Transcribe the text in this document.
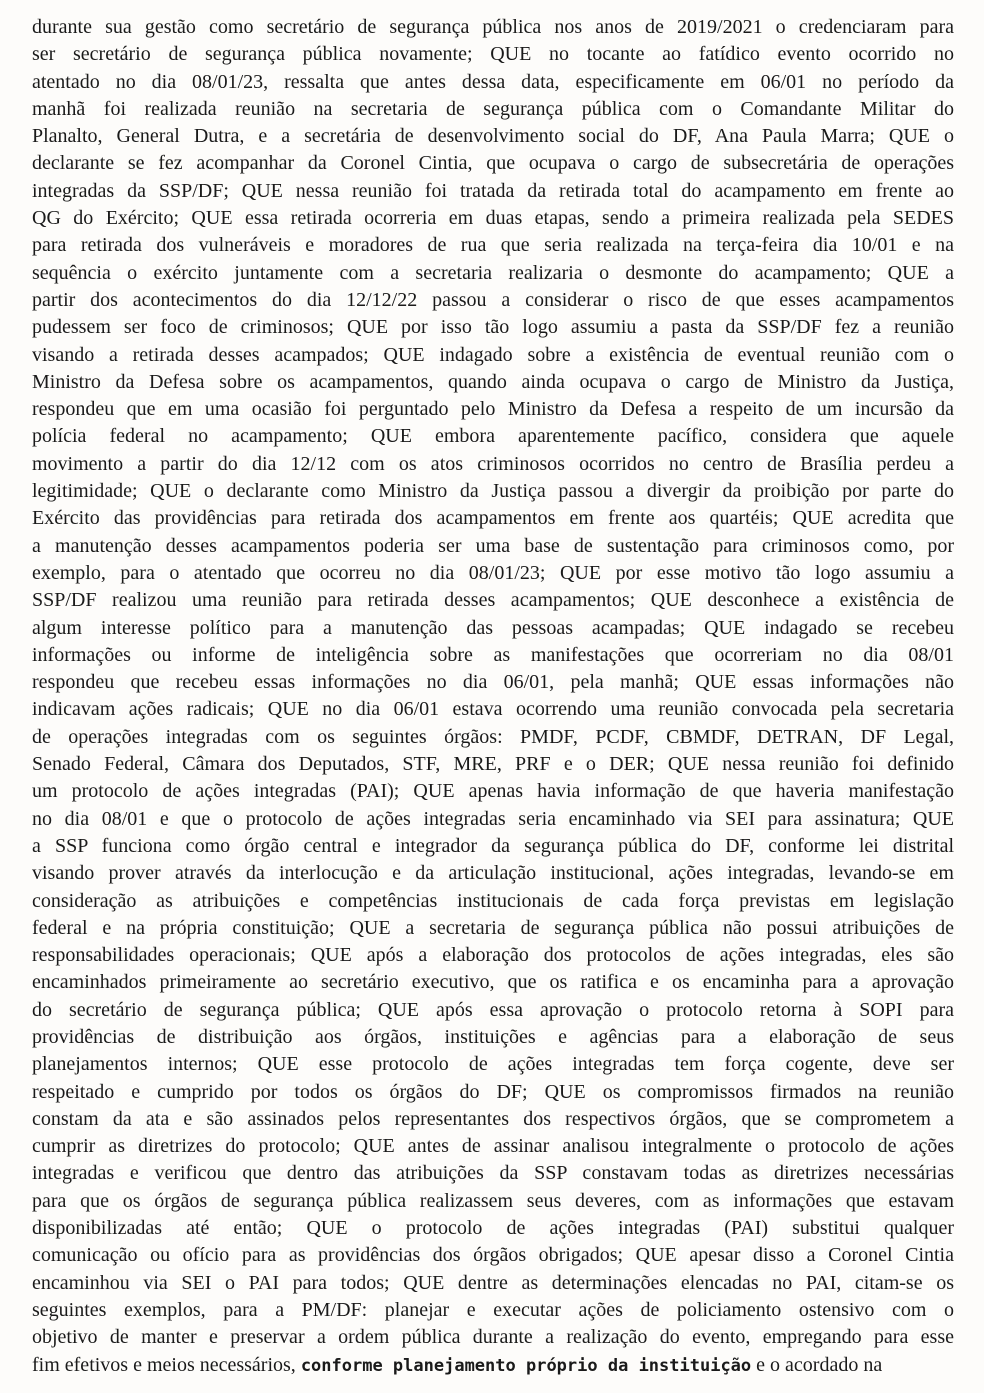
durante sua gestão como secretário de segurança pública nos anos de 2019/2021 o credenciaram para
ser secretário de segurança pública novamente; QUE no tocante ao fatídico evento ocorrido no
atentado no dia 08/01/23, ressalta que antes dessa data, especificamente em 06/01 no período da
manhã foi realizada reunião na secretaria de segurança pública com o Comandante Militar do
Planalto, General Dutra, e a secretária de desenvolvimento social do DF, Ana Paula Marra; QUE o
declarante se fez acompanhar da Coronel Cintia, que ocupava o cargo de subsecretária de operações
integradas da SSP/DF; QUE nessa reunião foi tratada da retirada total do acampamento em frente ao
QG do Exército; QUE essa retirada ocorreria em duas etapas, sendo a primeira realizada pela SEDES
para retirada dos vulneráveis e moradores de rua que seria realizada na terça-feira dia 10/01 e na
sequência o exército juntamente com a secretaria realizaria o desmonte do acampamento; QUE a
partir dos acontecimentos do dia 12/12/22 passou a considerar o risco de que esses acampamentos
pudessem ser foco de criminosos; QUE por isso tão logo assumiu a pasta da SSP/DF fez a reunião
visando a retirada desses acampados; QUE indagado sobre a existência de eventual reunião com o
Ministro da Defesa sobre os acampamentos, quando ainda ocupava o cargo de Ministro da Justiça,
respondeu que em uma ocasião foi perguntado pelo Ministro da Defesa a respeito de um incursão da
polícia federal no acampamento; QUE embora aparentemente pacífico, considera que aquele
movimento a partir do dia 12/12 com os atos criminosos ocorridos no centro de Brasília perdeu a
legitimidade; QUE o declarante como Ministro da Justiça passou a divergir da proibição por parte do
Exército das providências para retirada dos acampamentos em frente aos quartéis; QUE acredita que
a manutenção desses acampamentos poderia ser uma base de sustentação para criminosos como, por
exemplo, para o atentado que ocorreu no dia 08/01/23; QUE por esse motivo tão logo assumiu a
SSP/DF realizou uma reunião para retirada desses acampamentos; QUE desconhece a existência de
algum interesse político para a manutenção das pessoas acampadas; QUE indagado se recebeu
informações ou informe de inteligência sobre as manifestações que ocorreriam no dia 08/01
respondeu que recebeu essas informações no dia 06/01, pela manhã; QUE essas informações não
indicavam ações radicais; QUE no dia 06/01 estava ocorrendo uma reunião convocada pela secretaria
de operações integradas com os seguintes órgãos: PMDF, PCDF, CBMDF, DETRAN, DF Legal,
Senado Federal, Câmara dos Deputados, STF, MRE, PRF e o DER; QUE nessa reunião foi definido
um protocolo de ações integradas (PAI); QUE apenas havia informação de que haveria manifestação
no dia 08/01 e que o protocolo de ações integradas seria encaminhado via SEI para assinatura; QUE
a SSP funciona como órgão central e integrador da segurança pública do DF, conforme lei distrital
visando prover através da interlocução e da articulação institucional, ações integradas, levando-se em
consideração as atribuições e competências institucionais de cada força previstas em legislação
federal e na própria constituição; QUE a secretaria de segurança pública não possui atribuições de
responsabilidades operacionais; QUE após a elaboração dos protocolos de ações integradas, eles são
encaminhados primeiramente ao secretário executivo, que os ratifica e os encaminha para a aprovação
do secretário de segurança pública; QUE após essa aprovação o protocolo retorna à SOPI para
providências de distribuição aos órgãos, instituições e agências para a elaboração de seus
planejamentos internos; QUE esse protocolo de ações integradas tem força cogente, deve ser
respeitado e cumprido por todos os órgãos do DF; QUE os compromissos firmados na reunião
constam da ata e são assinados pelos representantes dos respectivos órgãos, que se comprometem a
cumprir as diretrizes do protocolo; QUE antes de assinar analisou integralmente o protocolo de ações
integradas e verificou que dentro das atribuições da SSP constavam todas as diretrizes necessárias
para que os órgãos de segurança pública realizassem seus deveres, com as informações que estavam
disponibilizadas até então; QUE o protocolo de ações integradas (PAI) substitui qualquer
comunicação ou ofício para as providências dos órgãos obrigados; QUE apesar disso a Coronel Cintia
encaminhou via SEI o PAI para todos; QUE dentre as determinações elencadas no PAI, citam-se os
seguintes exemplos, para a PM/DF: planejar e executar ações de policiamento ostensivo com o
objetivo de manter e preservar a ordem pública durante a realização do evento, empregando para esse
fim efetivos e meios necessários, conforme planejamento próprio da instituição e o acordado na
